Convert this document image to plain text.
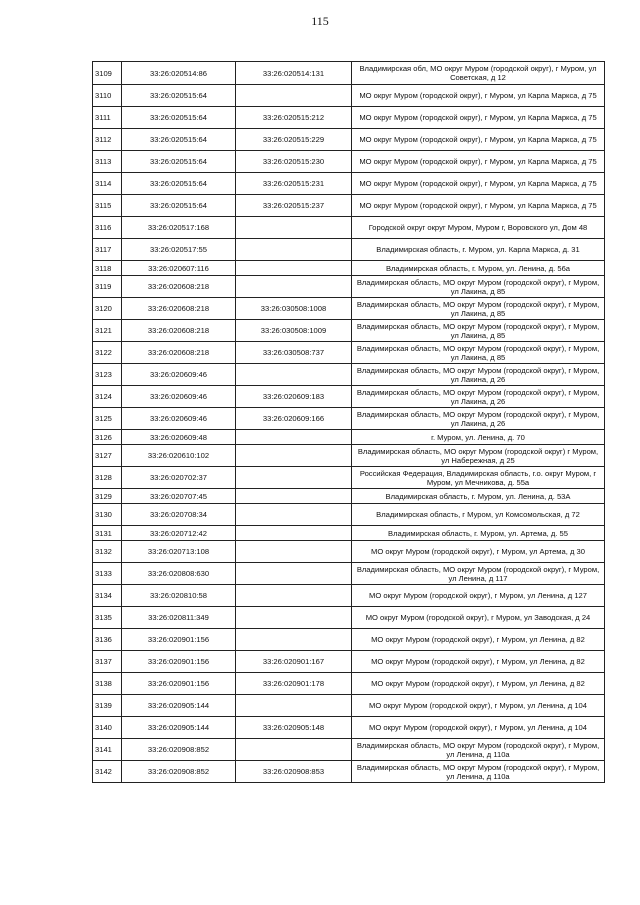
115
3109	33:26:020514:86	33:26:020514:131	Владимирская обл, МО округ Муром (городской округ), г Муром, ул Советская, д 12
3110	33:26:020515:64		МО округ Муром (городской округ), г Муром, ул Карла Маркса, д 75
3111	33:26:020515:64	33:26:020515:212	МО округ Муром (городской округ), г Муром, ул Карла Маркса, д 75
3112	33:26:020515:64	33:26:020515:229	МО округ Муром (городской округ), г Муром, ул Карла Маркса, д 75
3113	33:26:020515:64	33:26:020515:230	МО округ Муром (городской округ), г Муром, ул Карла Маркса, д 75
3114	33:26:020515:64	33:26:020515:231	МО округ Муром (городской округ), г Муром, ул Карла Маркса, д 75
3115	33:26:020515:64	33:26:020515:237	МО округ Муром (городской округ), г Муром, ул Карла Маркса, д 75
3116	33:26:020517:168		Городской округ округ Муром, Муром г, Воровского ул, Дом 48
3117	33:26:020517:55		Владимирская область, г. Муром, ул. Карла Маркса, д. 31
3118	33:26:020607:116		Владимирская область, г. Муром, ул. Ленина, д. 56а
3119	33:26:020608:218		Владимирская область, МО округ Муром (городской округ), г Муром, ул Лакина, д 85
3120	33:26:020608:218	33:26:030508:1008	Владимирская область, МО округ Муром (городской округ), г Муром, ул Лакина, д 85
3121	33:26:020608:218	33:26:030508:1009	Владимирская область, МО округ Муром (городской округ), г Муром, ул Лакина, д 85
3122	33:26:020608:218	33:26:030508:737	Владимирская область, МО округ Муром (городской округ), г Муром, ул Лакина, д 85
3123	33:26:020609:46		Владимирская область, МО округ Муром (городской округ), г Муром, ул Лакина, д 26
3124	33:26:020609:46	33:26:020609:183	Владимирская область, МО округ Муром (городской округ), г Муром, ул Лакина, д 26
3125	33:26:020609:46	33:26:020609:166	Владимирская область, МО округ Муром (городской округ), г Муром, ул Лакина, д 26
3126	33:26:020609:48		г. Муром, ул. Ленина, д. 70
3127	33:26:020610:102		Владимирская область, МО округ Муром (городской округ) г Муром, ул Набережная, д 25
3128	33:26:020702:37		Российская Федерация, Владимирская область, г.о. округ Муром, г Муром, ул Мечникова, д. 55а
3129	33:26:020707:45		Владимирская область, г. Муром, ул. Ленина, д. 53А
3130	33:26:020708:34		Владимирская область, г Муром, ул Комсомольская, д 72
3131	33:26:020712:42		Владимирская область, г. Муром, ул. Артема, д. 55
3132	33:26:020713:108		МО округ Муром (городской округ), г Муром, ул Артема, д 30
3133	33:26:020808:630		Владимирская область, МО округ Муром (городской округ), г Муром, ул Ленина, д 117
3134	33:26:020810:58		МО округ Муром (городской округ), г Муром, ул Ленина, д 127
3135	33:26:020811:349		МО округ Муром (городской округ), г Муром, ул Заводская, д 24
3136	33:26:020901:156		МО округ Муром (городской округ), г Муром, ул Ленина, д 82
3137	33:26:020901:156	33:26:020901:167	МО округ Муром (городской округ), г Муром, ул Ленина, д 82
3138	33:26:020901:156	33:26:020901:178	МО округ Муром (городской округ), г Муром, ул Ленина, д 82
3139	33:26:020905:144		МО округ Муром (городской округ), г Муром, ул Ленина, д 104
3140	33:26:020905:144	33:26:020905:148	МО округ Муром (городской округ), г Муром, ул Ленина, д 104
3141	33:26:020908:852		Владимирская область, МО округ Муром (городской округ), г Муром, ул Ленина, д 110а
3142	33:26:020908:852	33:26:020908:853	Владимирская область, МО округ Муром (городской округ), г Муром, ул Ленина, д 110а
